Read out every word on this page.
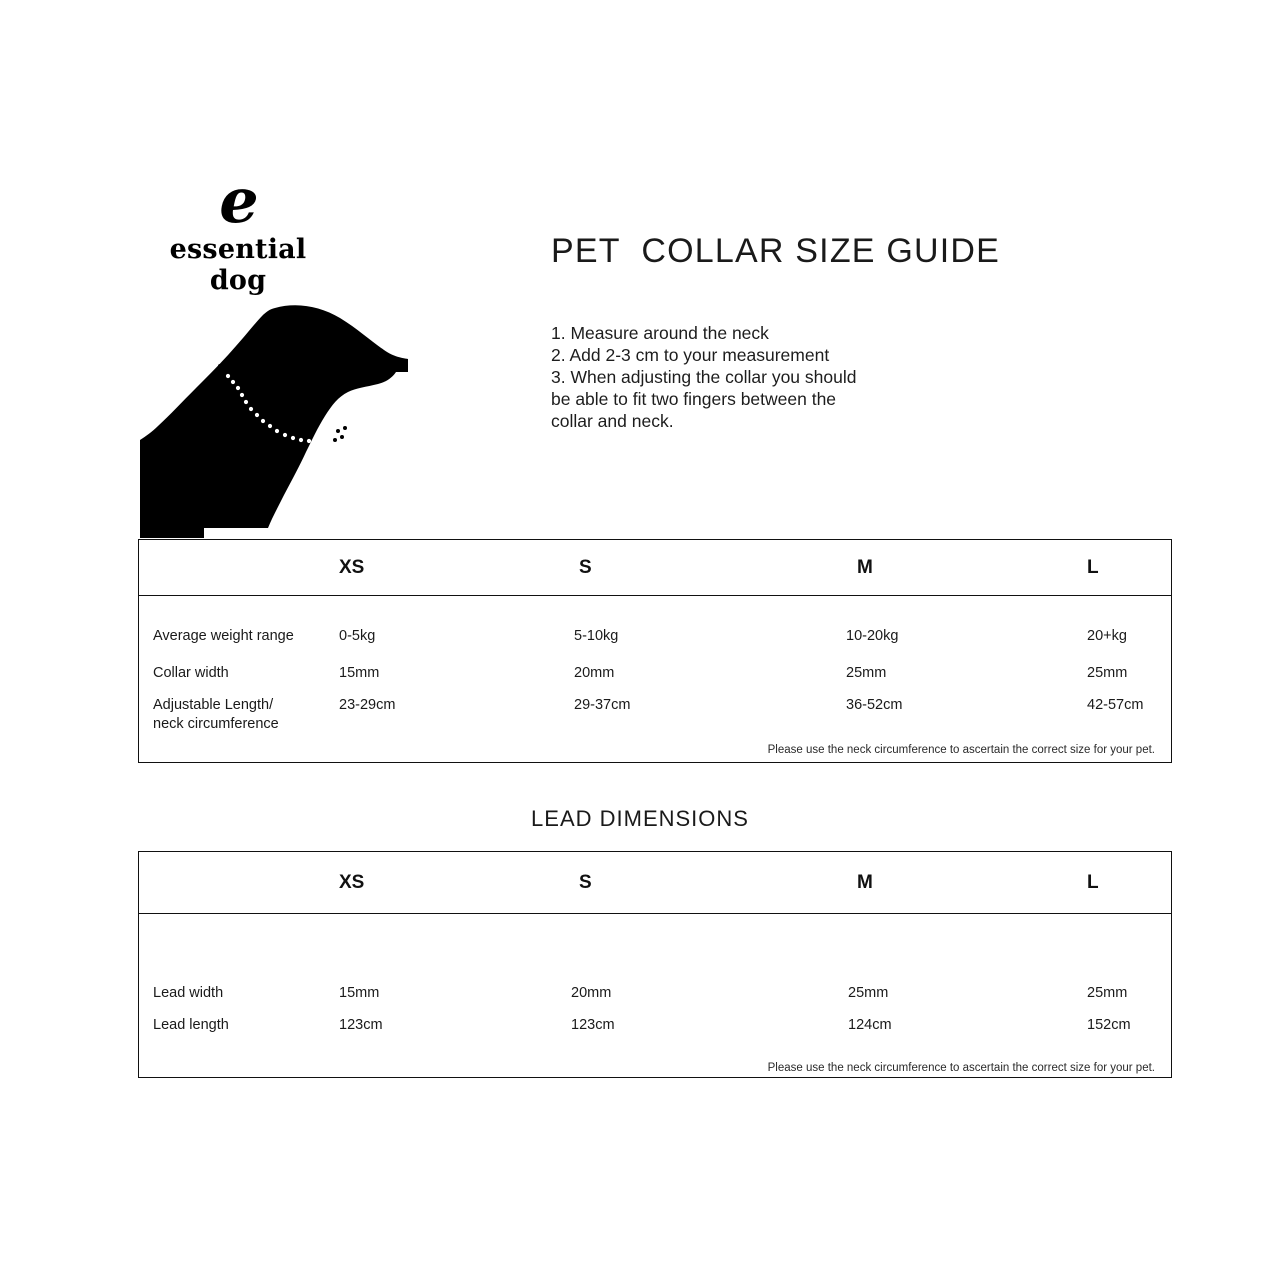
e
essential dog
PET  COLLAR SIZE GUIDE
1. Measure around the neck
2. Add 2-3 cm to your measurement
3. When adjusting the collar you should
be able to fit two fingers between the
collar and neck.
XS	S	M	L
Average weight range	0-5kg	5-10kg	10-20kg	20+kg
Collar width	15mm	20mm	25mm	25mm
Adjustable Length/
neck circumference
23-29cm	29-37cm	36-52cm	42-57cm
Please use the neck circumference to ascertain the correct size for your pet.
LEAD DIMENSIONS
XS	S	M	L
Lead width	15mm	20mm	25mm	25mm
Lead length	123cm	123cm	124cm	152cm
Please use the neck circumference to ascertain the correct size for your pet.
